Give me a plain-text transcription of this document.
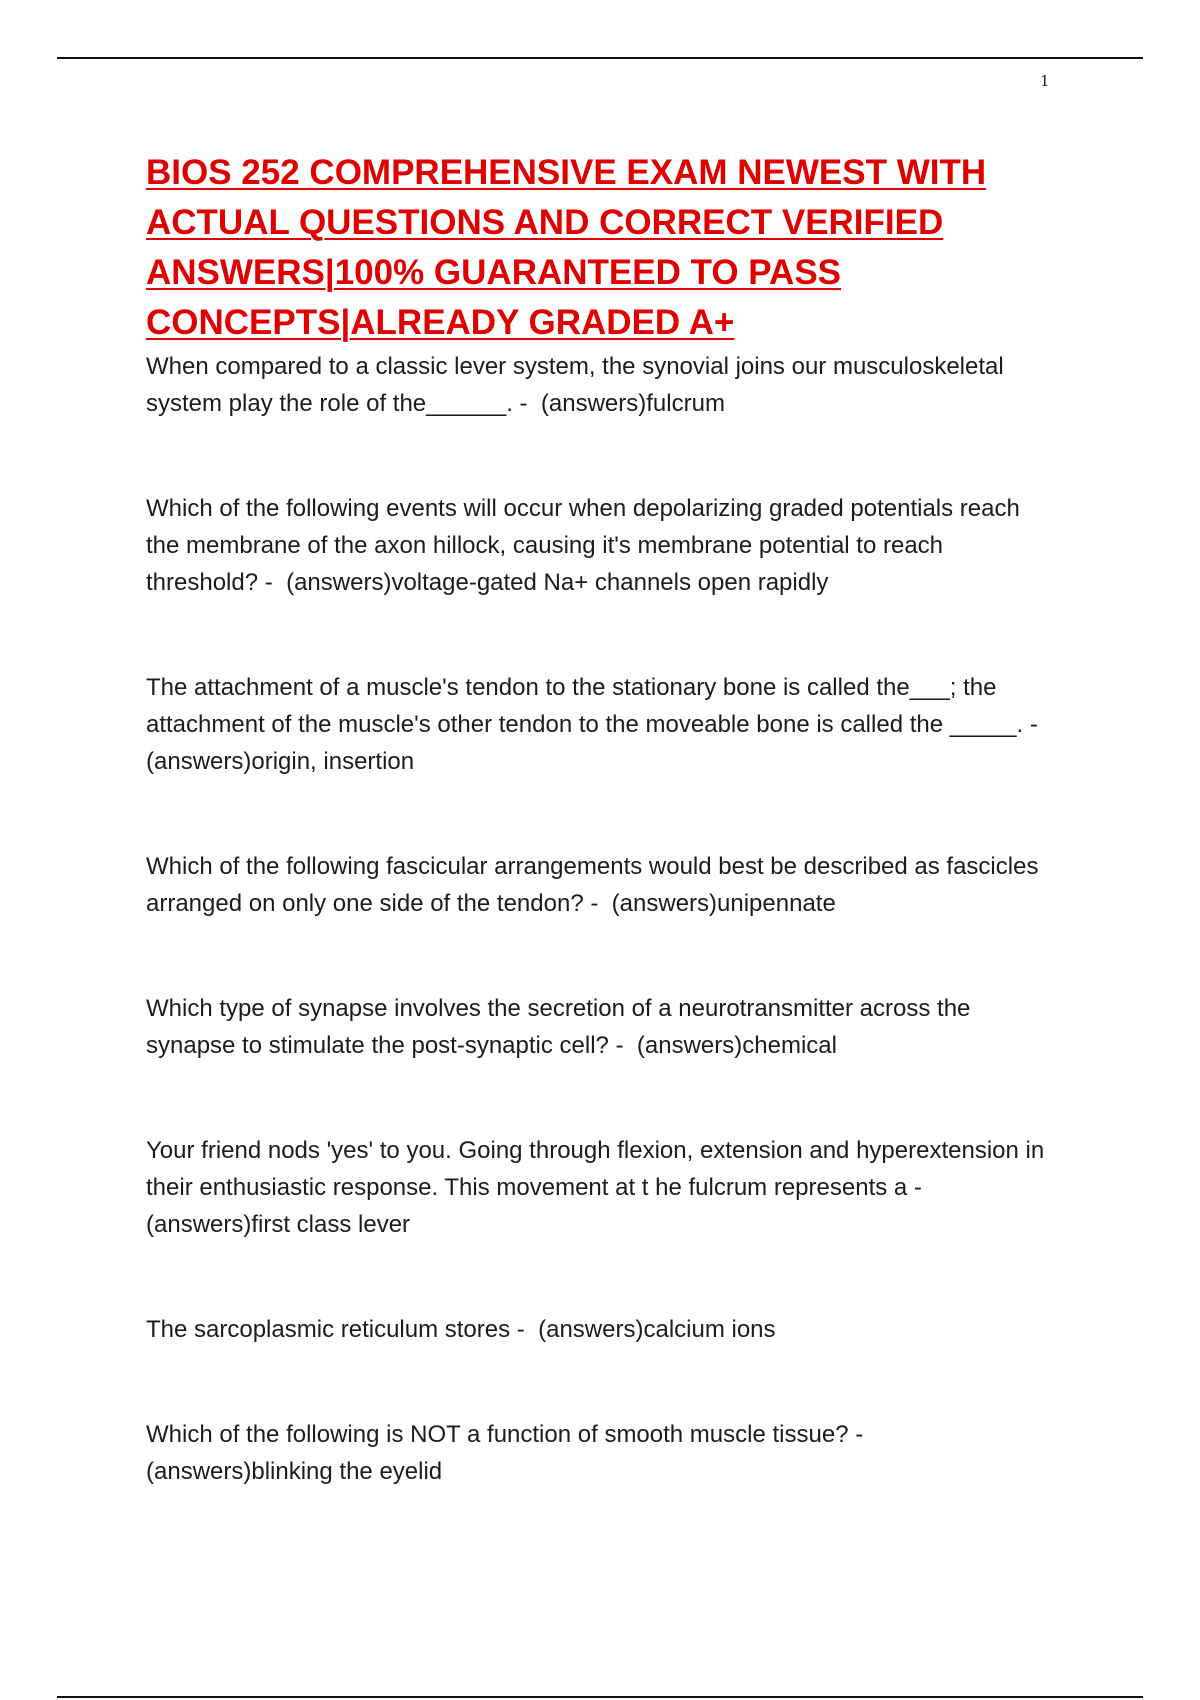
1
BIOS 252 COMPREHENSIVE EXAM NEWEST WITH ACTUAL QUESTIONS AND CORRECT VERIFIED ANSWERS|100% GUARANTEED TO PASS CONCEPTS|ALREADY GRADED A+

When compared to a classic lever system, the synovial joins our musculoskeletal system play the role of the______. -  (answers)fulcrum

Which of the following events will occur when depolarizing graded potentials reach the membrane of the axon hillock, causing it's membrane potential to reach threshold? -  (answers)voltage-gated Na+ channels open rapidly

The attachment of a muscle's tendon to the stationary bone is called the___; the attachment of the muscle's other tendon to the moveable bone is called the _____. -  (answers)origin, insertion

Which of the following fascicular arrangements would best be described as fascicles arranged on only one side of the tendon? -  (answers)unipennate

Which type of synapse involves the secretion of a neurotransmitter across the synapse to stimulate the post-synaptic cell? -  (answers)chemical

Your friend nods 'yes' to you. Going through flexion, extension and hyperextension in their enthusiastic response. This movement at t he fulcrum represents a -  (answers)first class lever

The sarcoplasmic reticulum stores -  (answers)calcium ions

Which of the following is NOT a function of smooth muscle tissue? - (answers)blinking the eyelid
